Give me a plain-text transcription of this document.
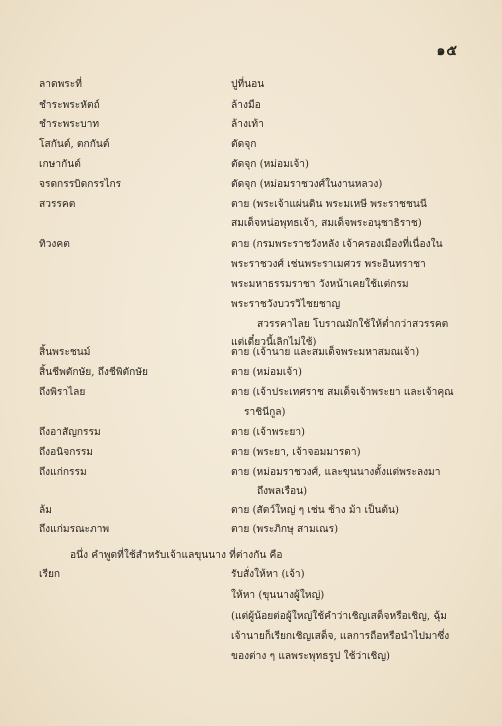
๑๕
ลาดพระที่	ปูที่นอน
ชำระพระหัตถ์	ล้างมือ
ชำระพระบาท	ล้างเท้า
โสกันต์, ตกกันต์	ตัดจุก
เกษากันต์	ตัดจุก (หม่อมเจ้า)
จรดกรรบิดกรรไกร	ตัดจุก (หม่อมราชวงศ์ในงานหลวง)
สวรรคต	ตาย (พระเจ้าแผ่นดิน พระมเหษี พระราชชนนี
สมเด็จหน่อพุทธเจ้า, สมเด็จพระอนุชาธิราช)
ทิวงคต	ตาย (กรมพระราชวังหลัง เจ้าครองเมืองที่เนื่องใน
พระราชวงศ์ เช่นพระราเมศวร พระอินทราชา
พระมหาธรรมราชา วังหน้าเคยใช้แต่กรม
พระราชวังบวรวิไชยชาญ
สวรรคาไลย โบราณมักใช้ให้ต่ำกว่าสวรรคต
แต่เดี๋ยวนี้เลิกไม่ใช้)
สิ้นพระชนม์	ตาย (เจ้านาย และสมเด็จพระมหาสมณเจ้า)
สิ้นชีพตักษัย, ถึงชีพิตักษัย	ตาย (หม่อมเจ้า)
ถึงพิราไลย	ตาย (เจ้าประเทศราช สมเด็จเจ้าพระยา และเจ้าคุณ
ราชินีกูล)
ถึงอาสัญกรรม	ตาย (เจ้าพระยา)
ถึงอนิจกรรม	ตาย (พระยา, เจ้าจอมมารดา)
ถึงแก่กรรม	ตาย (หม่อมราชวงศ์, และขุนนางตั้งแต่พระลงมา
ถึงพลเรือน)
ล้ม	ตาย (สัตว์ใหญ่ ๆ เช่น ช้าง ม้า เป็นต้น)
ถึงแก่มรณะภาพ	ตาย (พระภิกษุ สามเณร)
อนึ่ง คำพูดที่ใช้สำหรับเจ้าแลขุนนาง ที่ต่างกัน คือ
เรียก	รับสั่งให้หา (เจ้า)
ให้หา (ขุนนางผู้ใหญ่)
(แต่ผู้น้อยต่อผู้ใหญ่ใช้คำว่าเชิญเสด็จหรือเชิญ, ฉุ้ม
เจ้านายก็เรียกเชิญเสด็จ, แลการถือหรือนำไปมาซึ่ง
ของต่าง ๆ แลพระพุทธรูป ใช้ว่าเชิญ)
